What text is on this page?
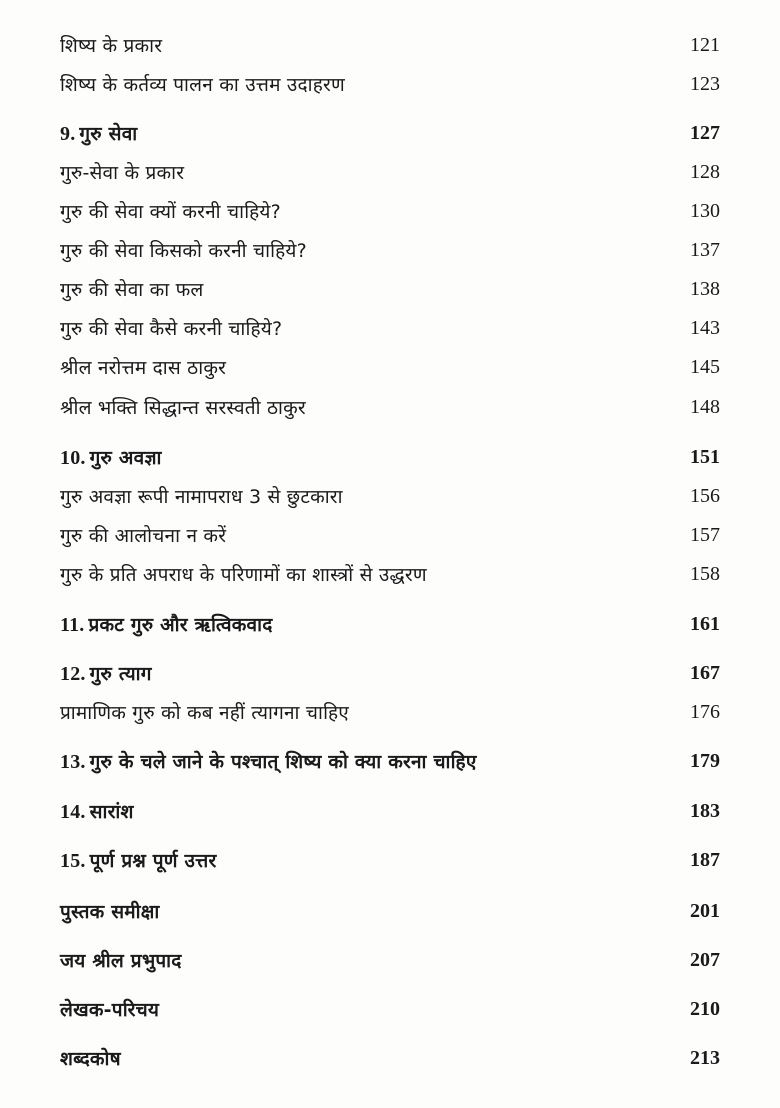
शिष्य के प्रकार	121
शिष्य के कर्तव्य पालन का उत्तम उदाहरण	123
9. गुरु सेवा	127
गुरु-सेवा के प्रकार	128
गुरु की सेवा क्यों करनी चाहिये?	130
गुरु की सेवा किसको करनी चाहिये?	137
गुरु की सेवा का फल	138
गुरु की सेवा कैसे करनी चाहिये?	143
श्रील नरोत्तम दास ठाकुर	145
श्रील भक्ति सिद्धान्त सरस्वती ठाकुर	148
10. गुरु अवज्ञा	151
गुरु अवज्ञा रूपी नामापराध 3 से छुटकारा	156
गुरु की आलोचना न करें	157
गुरु के प्रति अपराध के परिणामों का शास्त्रों से उद्धरण	158
11. प्रकट गुरु और ऋत्विकवाद	161
12. गुरु त्याग	167
प्रामाणिक गुरु को कब नहीं त्यागना चाहिए	176
13. गुरु के चले जाने के पश्चात् शिष्य को क्या करना चाहिए	179
14. सारांश	183
15. पूर्ण प्रश्न पूर्ण उत्तर	187
पुस्तक समीक्षा	201
जय श्रील प्रभुपाद	207
लेखक-परिचय	210
शब्दकोष	213
